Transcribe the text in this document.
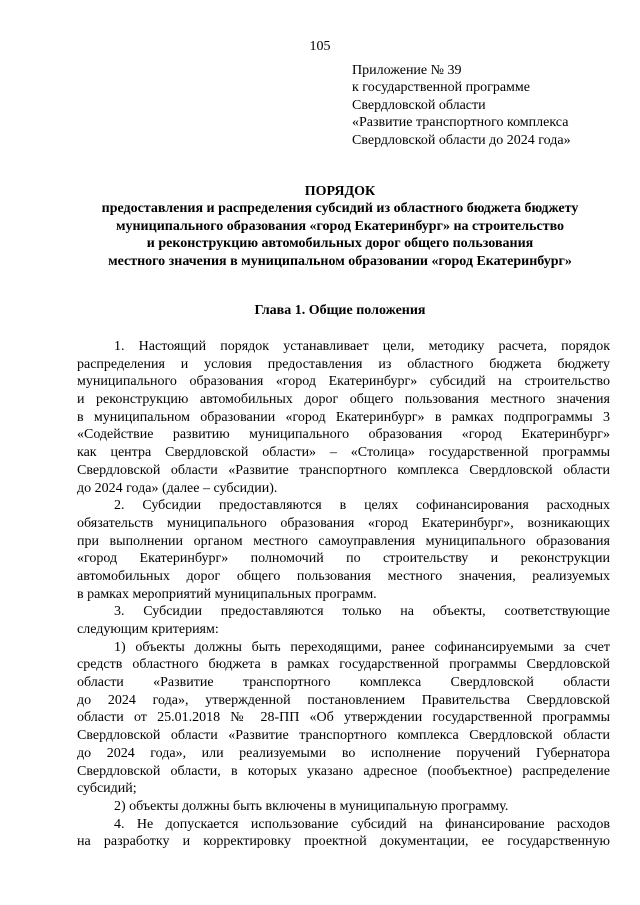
105
Приложение № 39
к государственной программе
Свердловской области
«Развитие транспортного комплекса
Свердловской области до 2024 года»
ПОРЯДОК
предоставления и распределения субсидий из областного бюджета бюджету
муниципального образования «город Екатеринбург» на строительство
и реконструкцию автомобильных дорог общего пользования
местного значения в муниципальном образовании «город Екатеринбург»
Глава 1. Общие положения
1. Настоящий порядок устанавливает цели, методику расчета, порядок
распределения и условия предоставления из областного бюджета бюджету
муниципального образования «город Екатеринбург» субсидий на строительство
и реконструкцию автомобильных дорог общего пользования местного значения
в муниципальном образовании «город Екатеринбург» в рамках подпрограммы 3
«Содействие развитию муниципального образования «город Екатеринбург»
как центра Свердловской области» – «Столица» государственной программы
Свердловской области «Развитие транспортного комплекса Свердловской области
до 2024 года» (далее – субсидии).
2. Субсидии предоставляются в целях софинансирования расходных
обязательств муниципального образования «город Екатеринбург», возникающих
при выполнении органом местного самоуправления муниципального образования
«город Екатеринбург» полномочий по строительству и реконструкции
автомобильных дорог общего пользования местного значения, реализуемых
в рамках мероприятий муниципальных программ.
3. Субсидии предоставляются только на объекты, соответствующие
следующим критериям:
1) объекты должны быть переходящими, ранее софинансируемыми за счет
средств областного бюджета в рамках государственной программы Свердловской
области «Развитие транспортного комплекса Свердловской области
до 2024 года», утвержденной постановлением Правительства Свердловской
области от 25.01.2018 № 28-ПП «Об утверждении государственной программы
Свердловской области «Развитие транспортного комплекса Свердловской области
до 2024 года», или реализуемыми во исполнение поручений Губернатора
Свердловской области, в которых указано адресное (пообъектное) распределение
субсидий;
2) объекты должны быть включены в муниципальную программу.
4. Не допускается использование субсидий на финансирование расходов
на разработку и корректировку проектной документации, ее государственную
